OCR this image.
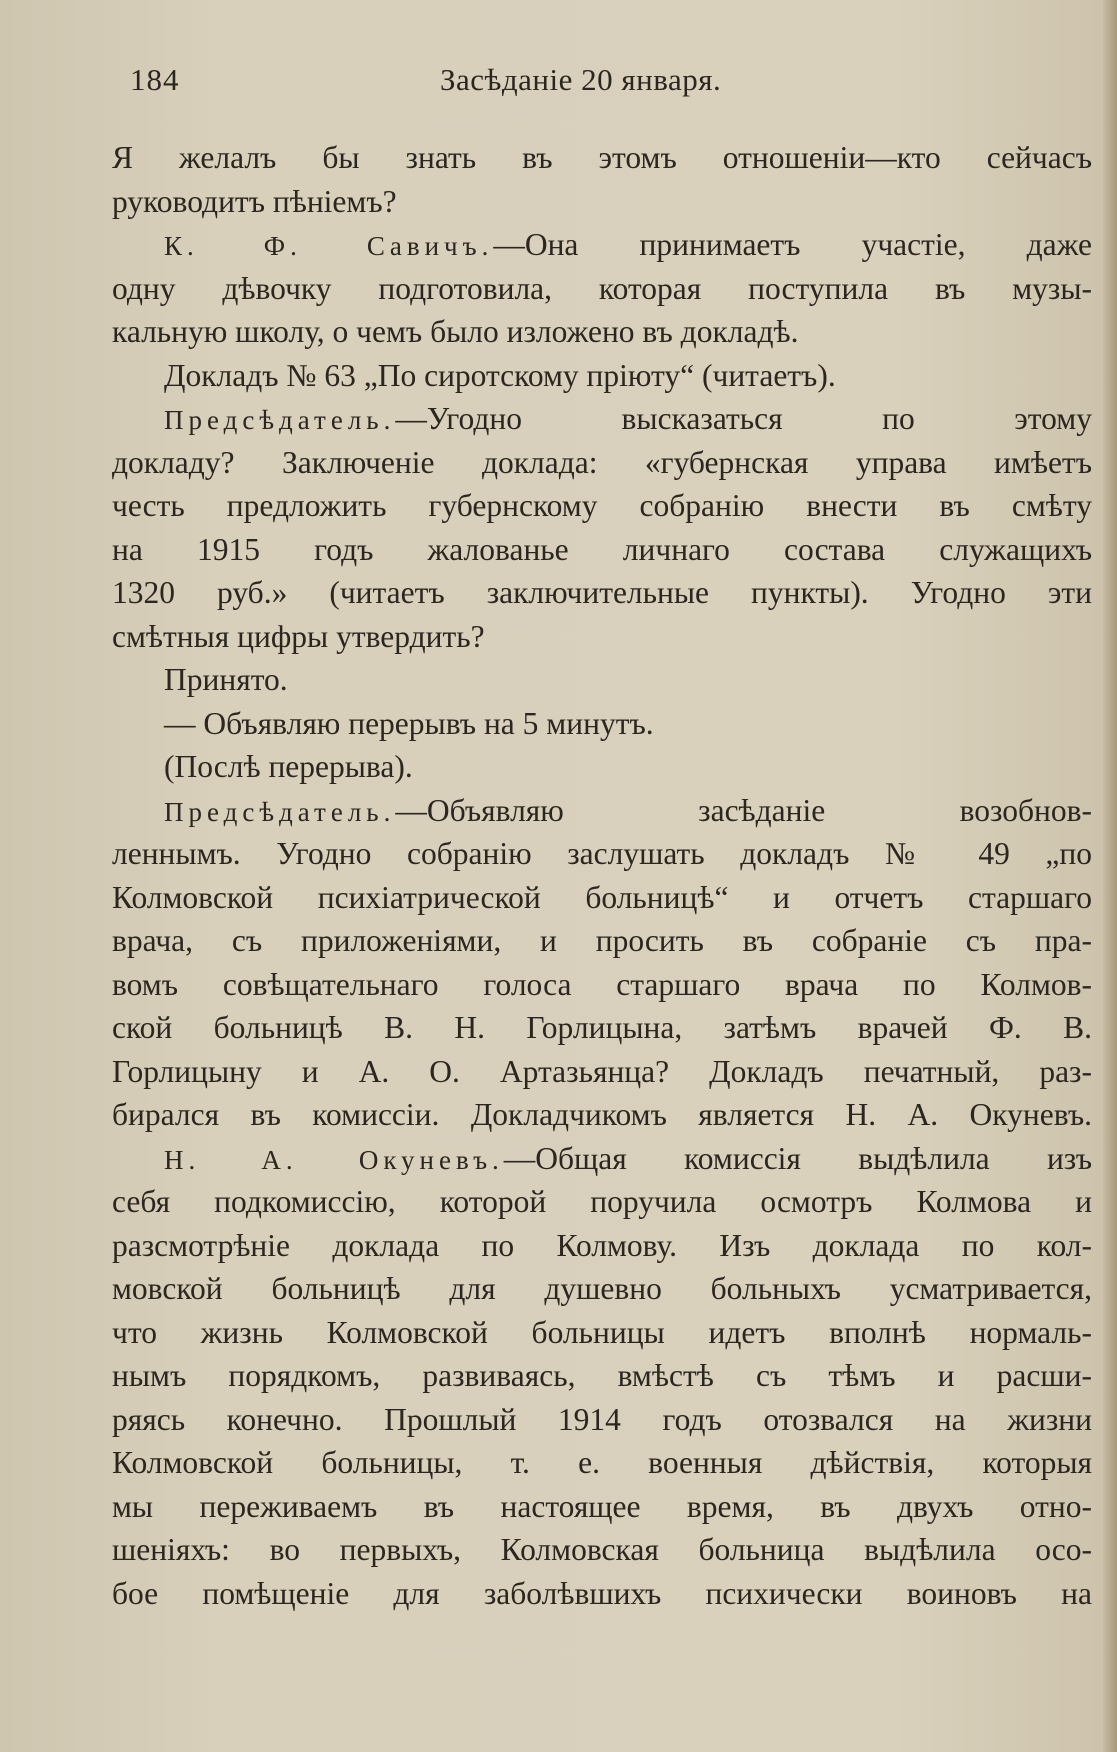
184	Засѣданіе 20 января.
Я желалъ бы знать въ этомъ отношеніи—кто сейчасъ
руководитъ пѣніемъ?
К. Ф. Савичъ.—Она принимаетъ участіе, даже
одну дѣвочку подготовила, которая поступила въ музы-
кальную школу, о чемъ было изложено въ докладѣ.
Докладъ № 63 „По сиротскому пріюту“ (читаетъ).
Предсѣдатель.—Угодно высказаться по этому
докладу? Заключеніе доклада: «губернская управа имѣетъ
честь предложить губернскому собранію внести въ смѣту
на 1915 годъ жалованье личнаго состава служащихъ
1320 руб.» (читаетъ заключительные пункты). Угодно эти
смѣтныя цифры утвердить?
Принято.
— Объявляю перерывъ на 5 минутъ.
(Послѣ перерыва).
Предсѣдатель.—Объявляю засѣданіе возобнов-
леннымъ. Угодно собранію заслушать докладъ № 49 „по
Колмовской психіатрической больницѣ“ и отчетъ старшаго
врача, съ приложеніями, и просить въ собраніе съ пра-
вомъ совѣщательнаго голоса старшаго врача по Колмов-
ской больницѣ В. Н. Горлицына, затѣмъ врачей Ф. В.
Горлицыну и А. О. Артазьянца? Докладъ печатный, раз-
бирался въ комиссіи. Докладчикомъ является Н. А. Окуневъ.
Н. А. Окуневъ.—Общая комиссія выдѣлила изъ
себя подкомиссію, которой поручила осмотръ Колмова и
разсмотрѣніе доклада по Колмову. Изъ доклада по кол-
мовской больницѣ для душевно больныхъ усматривается,
что жизнь Колмовской больницы идетъ вполнѣ нормаль-
нымъ порядкомъ, развиваясь, вмѣстѣ съ тѣмъ и расши-
ряясь конечно. Прошлый 1914 годъ отозвался на жизни
Колмовской больницы, т. е. военныя дѣйствія, которыя
мы переживаемъ въ настоящее время, въ двухъ отно-
шеніяхъ: во первыхъ, Колмовская больница выдѣлила осо-
бое помѣщеніе для заболѣвшихъ психически воиновъ на
